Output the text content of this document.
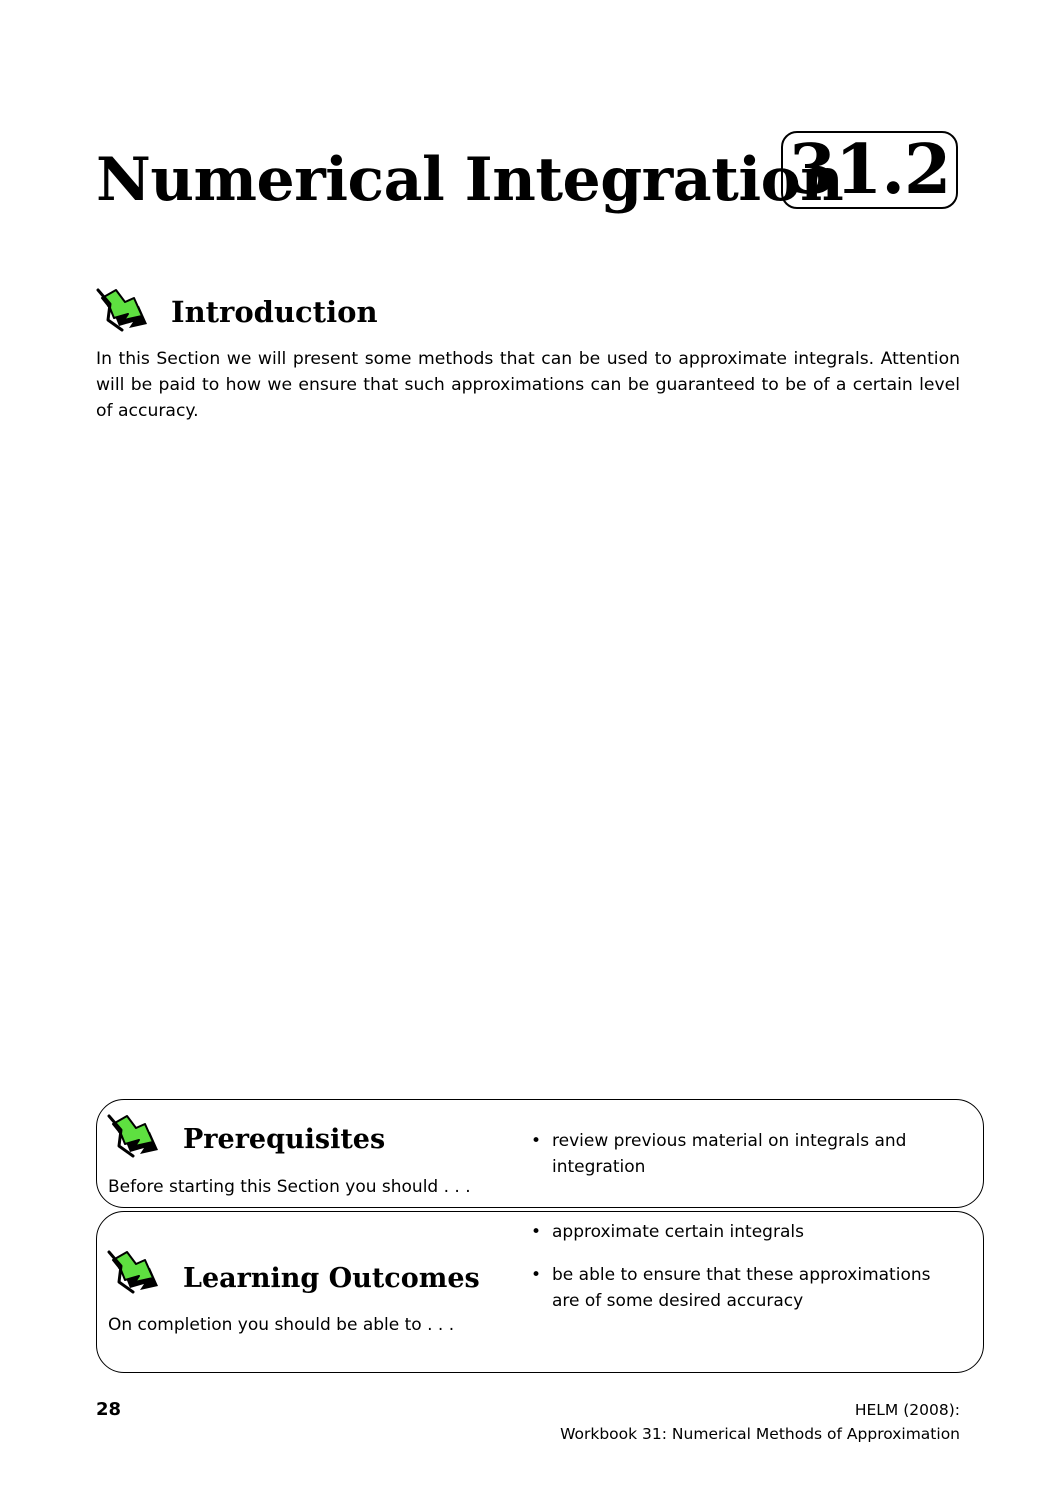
Numerical Integration
31.2
Introduction
In this Section we will present some methods that can be used to approximate integrals. Attention will be paid to how we ensure that such approximations can be guaranteed to be of a certain level of accuracy.
Prerequisites
Before starting this Section you should . . .
• review previous material on integrals and integration
Learning Outcomes
On completion you should be able to . . .
• approximate certain integrals
• be able to ensure that these approximations are of some desired accuracy
28	HELM (2008):
Workbook 31: Numerical Methods of Approximation
